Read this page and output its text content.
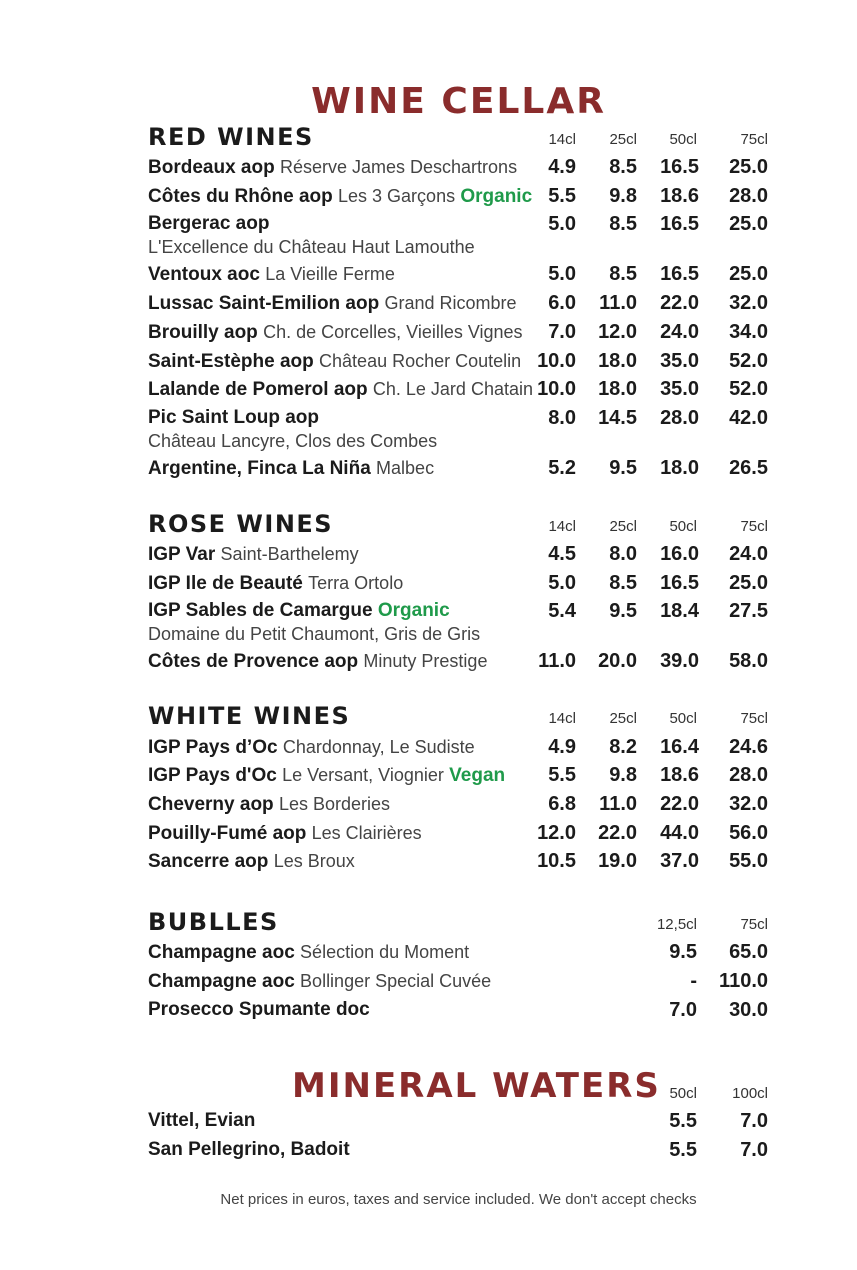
WINE CELLAR
RED WINES	14cl	25cl	50cl	75cl
Bordeaux aop Réserve James Deschartrons	4.9	8.5	16.5	25.0
Côtes du Rhône aop Les 3 Garçons Organic 5.5	9.8	18.6	28.0
Bergerac aop
L'Excellence du Château Haut Lamouthe
5.0	8.5	16.5	25.0
Ventoux aoc La Vieille Ferme	5.0	8.5	16.5	25.0
Lussac Saint-Emilion aop Grand Ricombre	6.0	11.0	22.0	32.0
Brouilly aop Ch. de Corcelles, Vieilles Vignes	7.0	12.0	24.0	34.0
Saint-Estèphe aop Château Rocher Coutelin 10.0	18.0	35.0	52.0
Lalande de Pomerol aop Ch. Le Jard Chatain 10.0	18.0	35.0	52.0
Pic Saint Loup aop
Château Lancyre, Clos des Combes
8.0	14.5	28.0	42.0
Argentine, Finca La Niña Malbec	5.2	9.5	18.0	26.5
ROSE WINES	14cl	25cl	50cl	75cl
IGP Var Saint-Barthelemy	4.5	8.0	16.0	24.0
IGP Ile de Beauté Terra Ortolo	5.0	8.5	16.5	25.0
IGP Sables de Camargue Organic
Domaine du Petit Chaumont, Gris de Gris
5.4	9.5	18.4	27.5
Côtes de Provence aop Minuty Prestige	11.0	20.0	39.0	58.0
WHITE WINES	14cl	25cl	50cl	75cl
IGP Pays d’Oc Chardonnay, Le Sudiste	4.9	8.2	16.4	24.6
IGP Pays d'Oc Le Versant, Viognier Vegan	5.5	9.8	18.6	28.0
Cheverny aop Les Borderies	6.8	11.0	22.0	32.0
Pouilly-Fumé aop Les Clairières	12.0	22.0	44.0	56.0
Sancerre aop Les Broux	10.5	19.0	37.0	55.0
BUBLLES	12,5cl	75cl
Champagne aoc Sélection du Moment	9.5	65.0
Champagne aoc Bollinger Special Cuvée	-	110.0
Prosecco Spumante doc	7.0	30.0
MINERAL WATERS 50cl	100cl
Vittel, Evian	5.5	7.0
San Pellegrino, Badoit	5.5	7.0
Net prices in euros, taxes and service included. We don't accept checks
